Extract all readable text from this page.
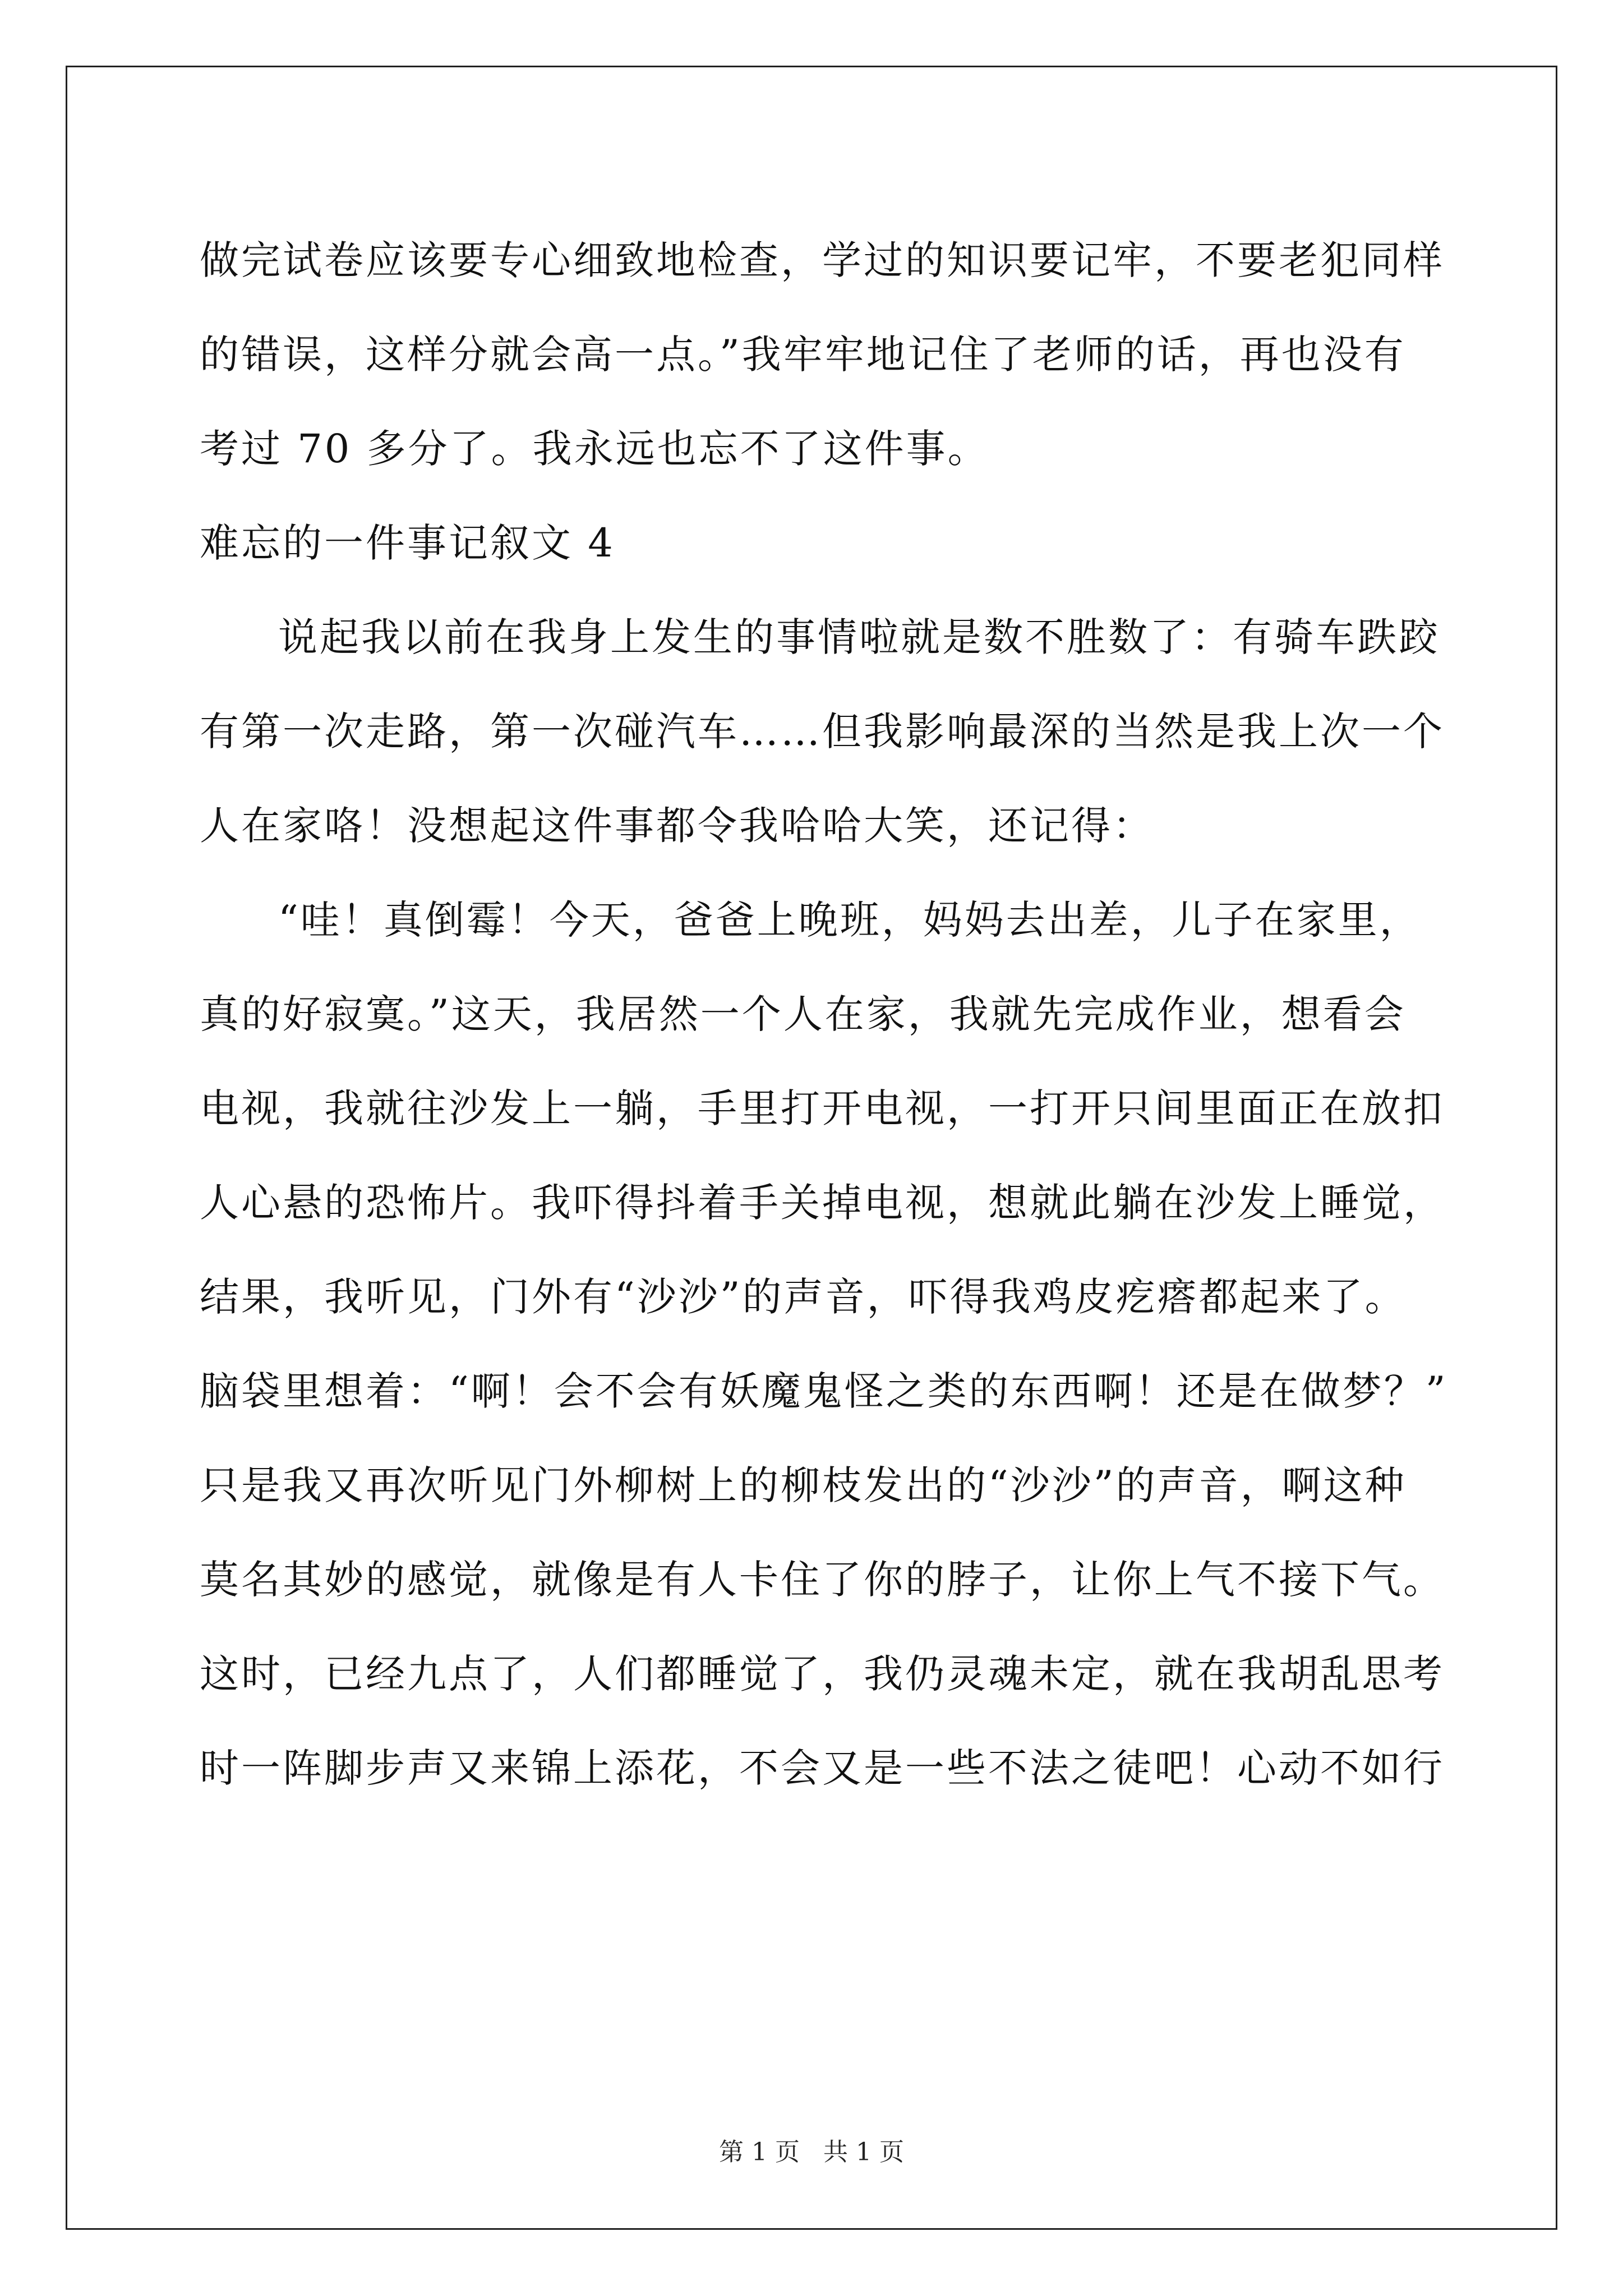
做完试卷应该要专心细致地检查，学过的知识要记牢，不要老犯同样
的错误，这样分就会高一点。”我牢牢地记住了老师的话，再也没有
考过 70 多分了。我永远也忘不了这件事。
难忘的一件事记叙文 4
说起我以前在我身上发生的事情啦就是数不胜数了：有骑车跌跤
有第一次走路，第一次碰汽车……但我影响最深的当然是我上次一个
人在家咯！没想起这件事都令我哈哈大笑，还记得：
“哇！真倒霉！今天，爸爸上晚班，妈妈去出差，儿子在家里，
真的好寂寞。”这天，我居然一个人在家，我就先完成作业，想看会
电视，我就往沙发上一躺，手里打开电视，一打开只间里面正在放扣
人心悬的恐怖片。我吓得抖着手关掉电视，想就此躺在沙发上睡觉，
结果，我听见，门外有“沙沙”的声音，吓得我鸡皮疙瘩都起来了。
脑袋里想着：“啊！会不会有妖魔鬼怪之类的东西啊！还是在做梦？”
只是我又再次听见门外柳树上的柳枝发出的“沙沙”的声音，啊这种
莫名其妙的感觉，就像是有人卡住了你的脖子，让你上气不接下气。
这时，已经九点了，人们都睡觉了，我仍灵魂未定，就在我胡乱思考
时一阵脚步声又来锦上添花，不会又是一些不法之徒吧！心动不如行
第 1 页   共 1 页
